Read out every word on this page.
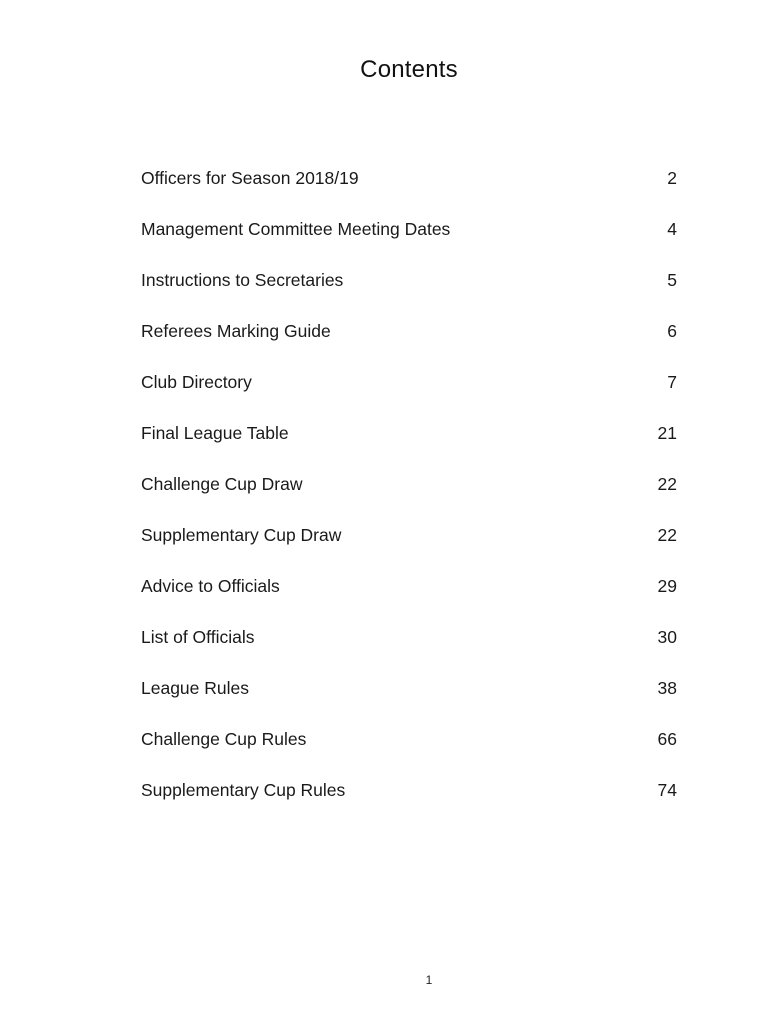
Contents
Officers for Season 2018/19	2
Management Committee Meeting Dates	4
Instructions to Secretaries	5
Referees Marking Guide	6
Club Directory	7
Final League Table	21
Challenge Cup Draw	22
Supplementary Cup Draw	22
Advice to Officials	29
List of Officials	30
League Rules	38
Challenge Cup Rules	66
Supplementary Cup Rules	74
1
